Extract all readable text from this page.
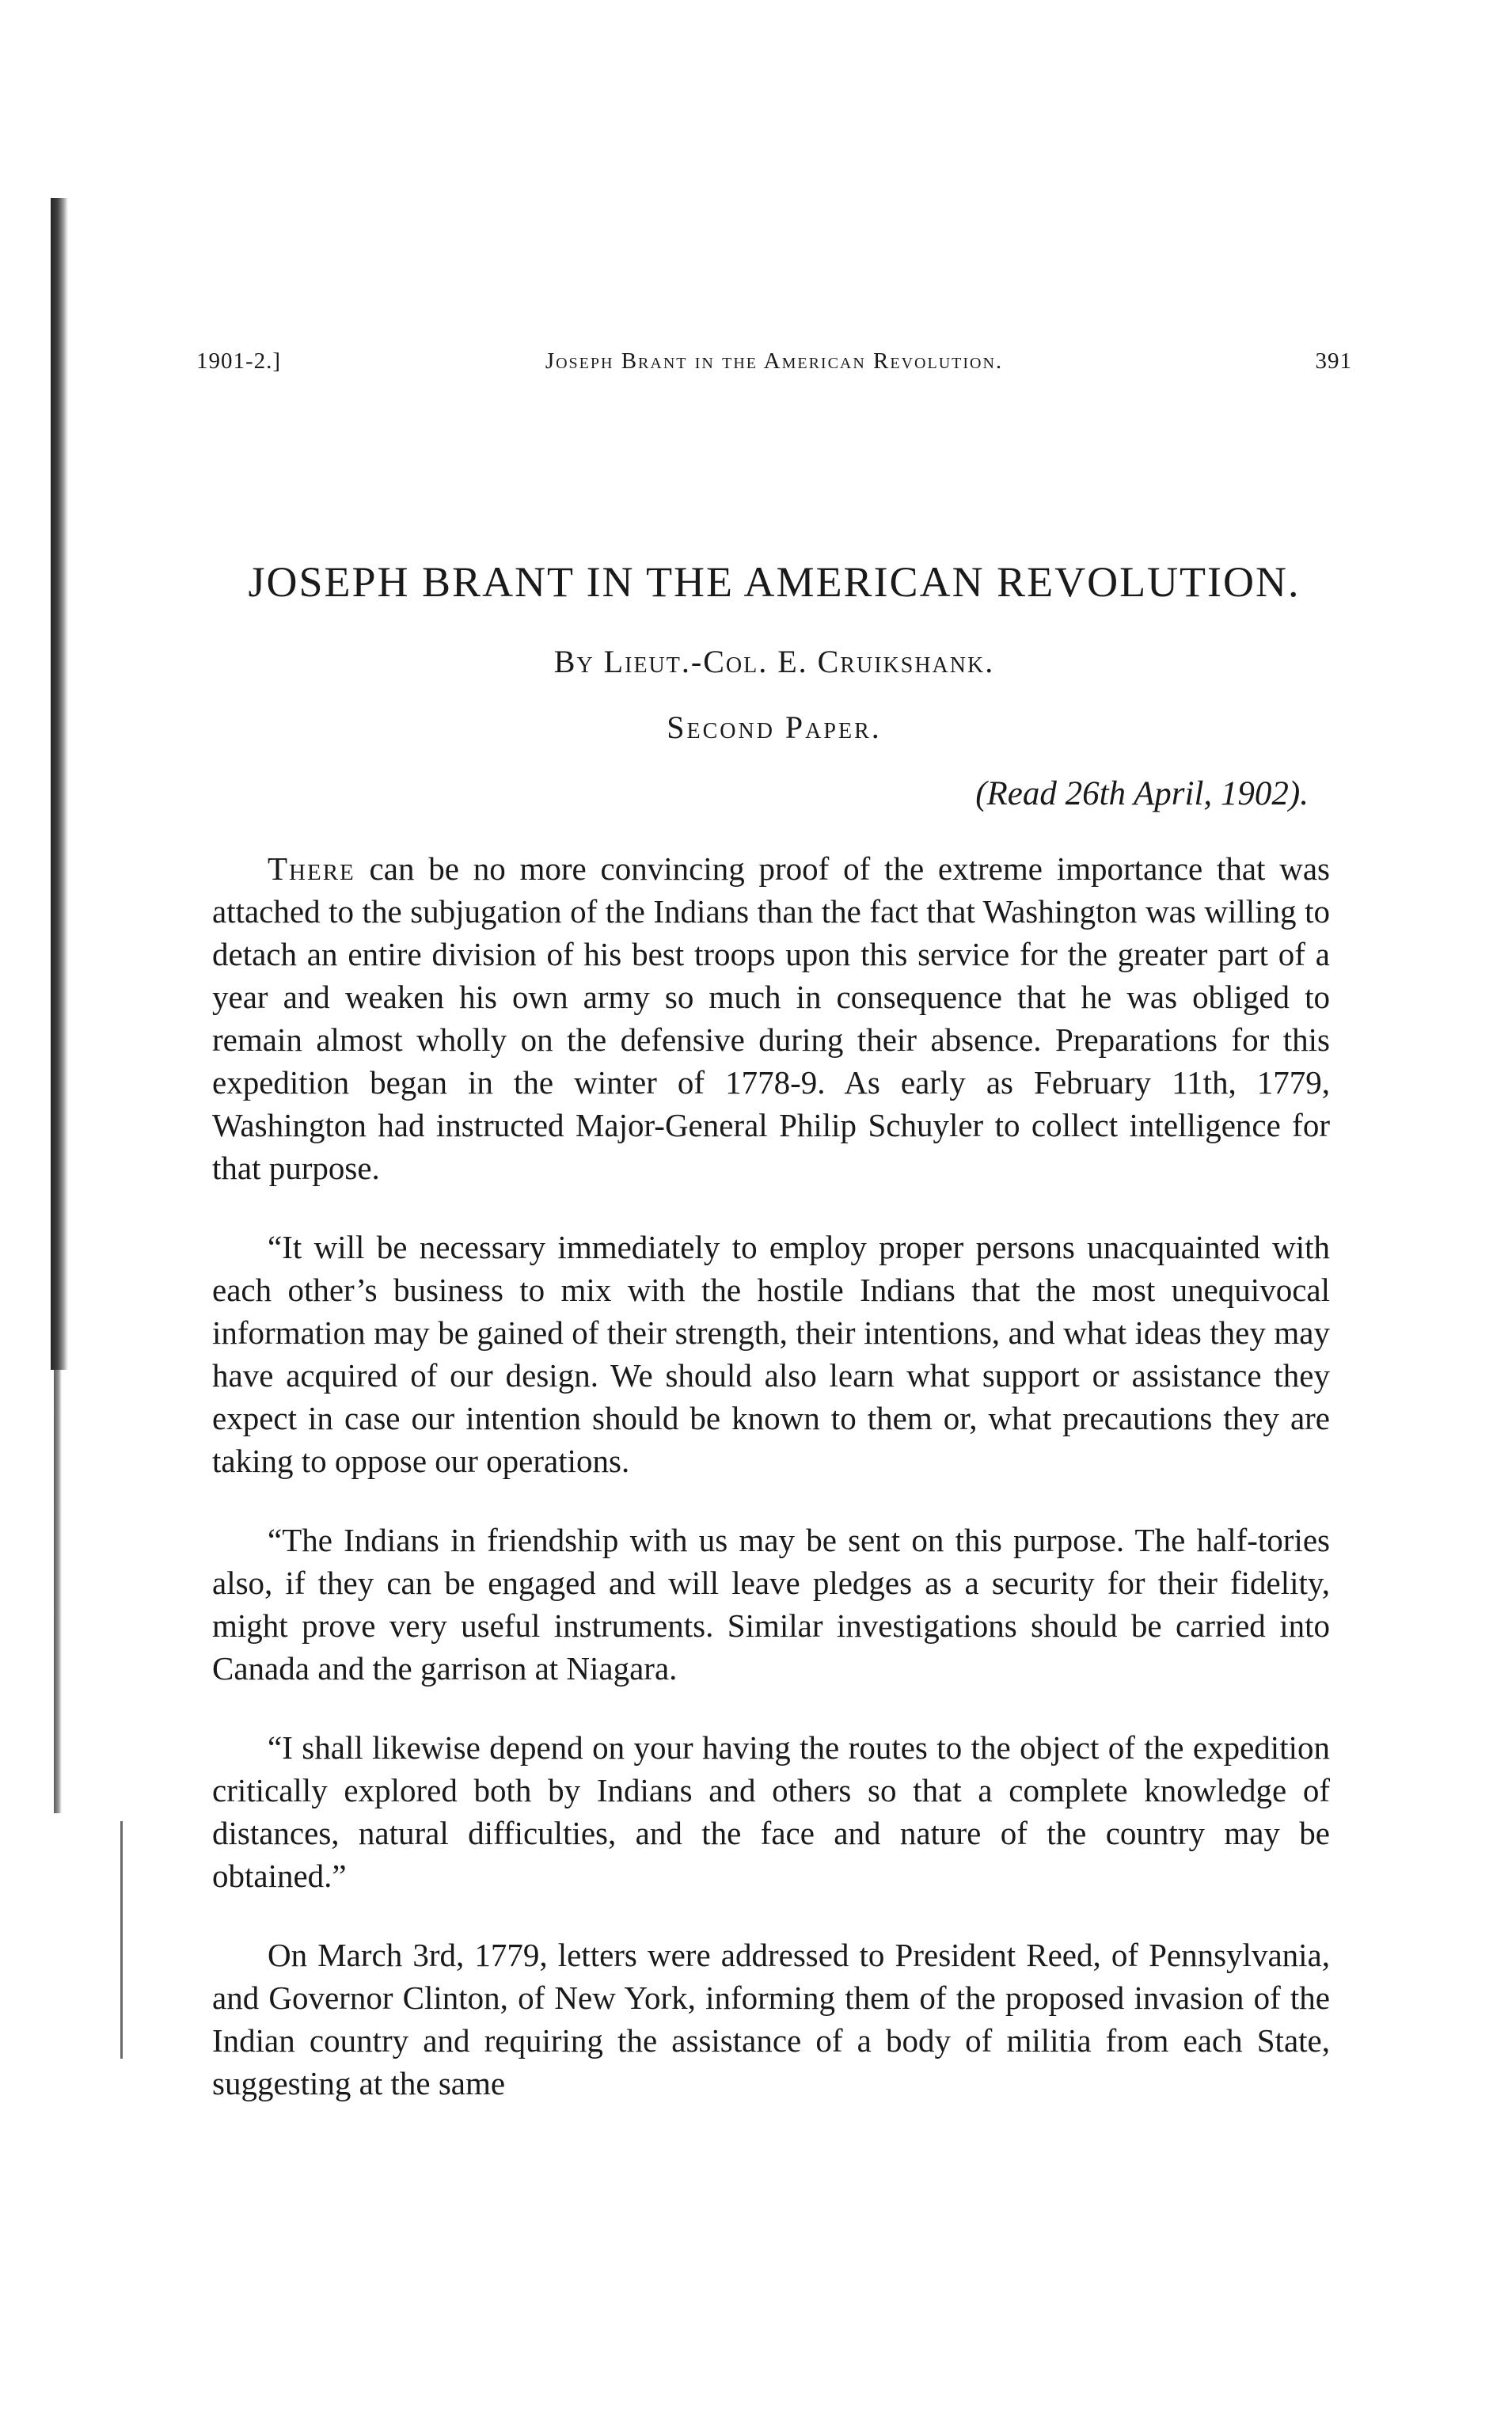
1901-2.]	Joseph Brant in the American Revolution.	391
JOSEPH BRANT IN THE AMERICAN REVOLUTION.
By Lieut.-Col. E. Cruikshank.
Second Paper.
(Read 26th April, 1902).

There can be no more convincing proof of the extreme importance that was attached to the subjugation of the Indians than the fact that Washington was willing to detach an entire division of his best troops upon this service for the greater part of a year and weaken his own army so much in consequence that he was obliged to remain almost wholly on the defensive during their absence. Preparations for this expedition began in the winter of 1778-9. As early as February 11th, 1779, Washington had instructed Major-General Philip Schuyler to collect intelligence for that purpose.

“It will be necessary immediately to employ proper persons unacquainted with each other’s business to mix with the hostile Indians that the most unequivocal information may be gained of their strength, their intentions, and what ideas they may have acquired of our design. We should also learn what support or assistance they expect in case our intention should be known to them or, what precautions they are taking to oppose our operations.

“The Indians in friendship with us may be sent on this purpose. The half-tories also, if they can be engaged and will leave pledges as a security for their fidelity, might prove very useful instruments. Similar investigations should be carried into Canada and the garrison at Niagara.

“I shall likewise depend on your having the routes to the object of the expedition critically explored both by Indians and others so that a complete knowledge of distances, natural difficulties, and the face and nature of the country may be obtained.”

On March 3rd, 1779, letters were addressed to President Reed, of Pennsylvania, and Governor Clinton, of New York, informing them of the proposed invasion of the Indian country and requiring the assistance of a body of militia from each State, suggesting at the same
